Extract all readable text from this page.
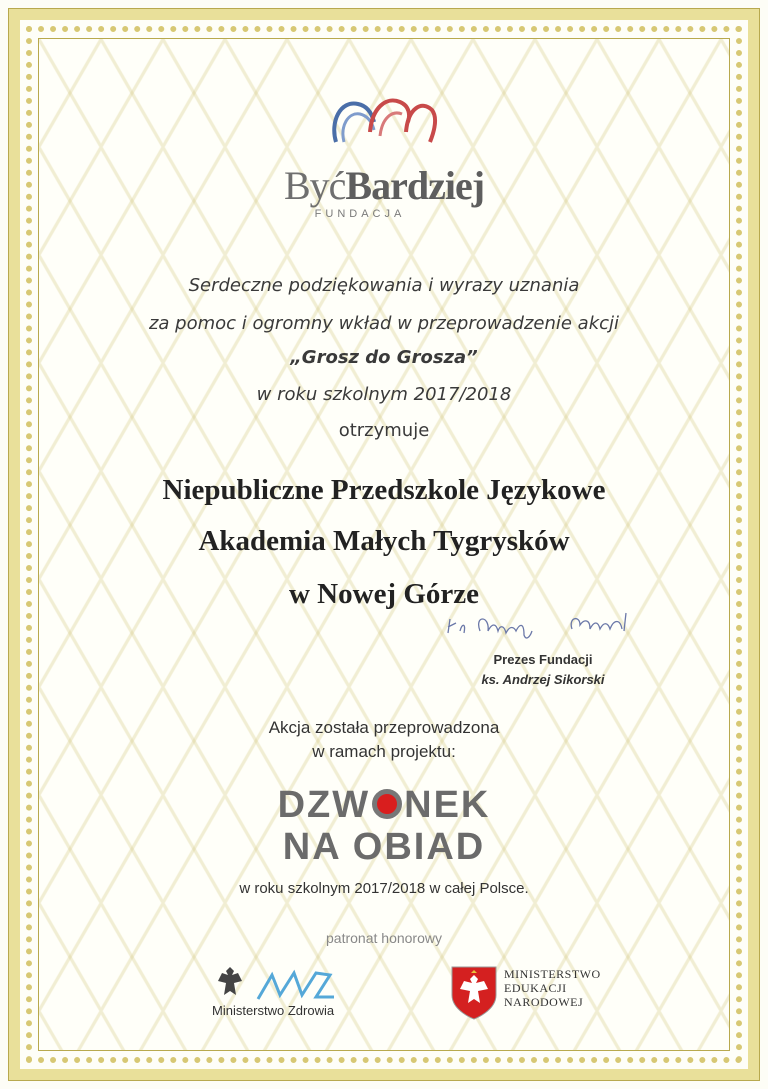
ByćBardziej
FUNDACJA
Serdeczne podziękowania i wyrazy uznania
za pomoc i ogromny wkład w przeprowadzenie akcji
„Grosz do Grosza”
w roku szkolnym 2017/2018
otrzymuje
Niepubliczne Przedszkole Językowe
Akademia Małych Tygrysków
w Nowej Górze
Prezes Fundacji
ks. Andrzej Sikorski
Akcja została przeprowadzona
w ramach projektu:
DZW NEK
NA OBIAD
w roku szkolnym 2017/2018 w całej Polsce.
patronat honorowy
Ministerstwo Zdrowia
MINISTERSTWO
EDUKACJI
NARODOWEJ
